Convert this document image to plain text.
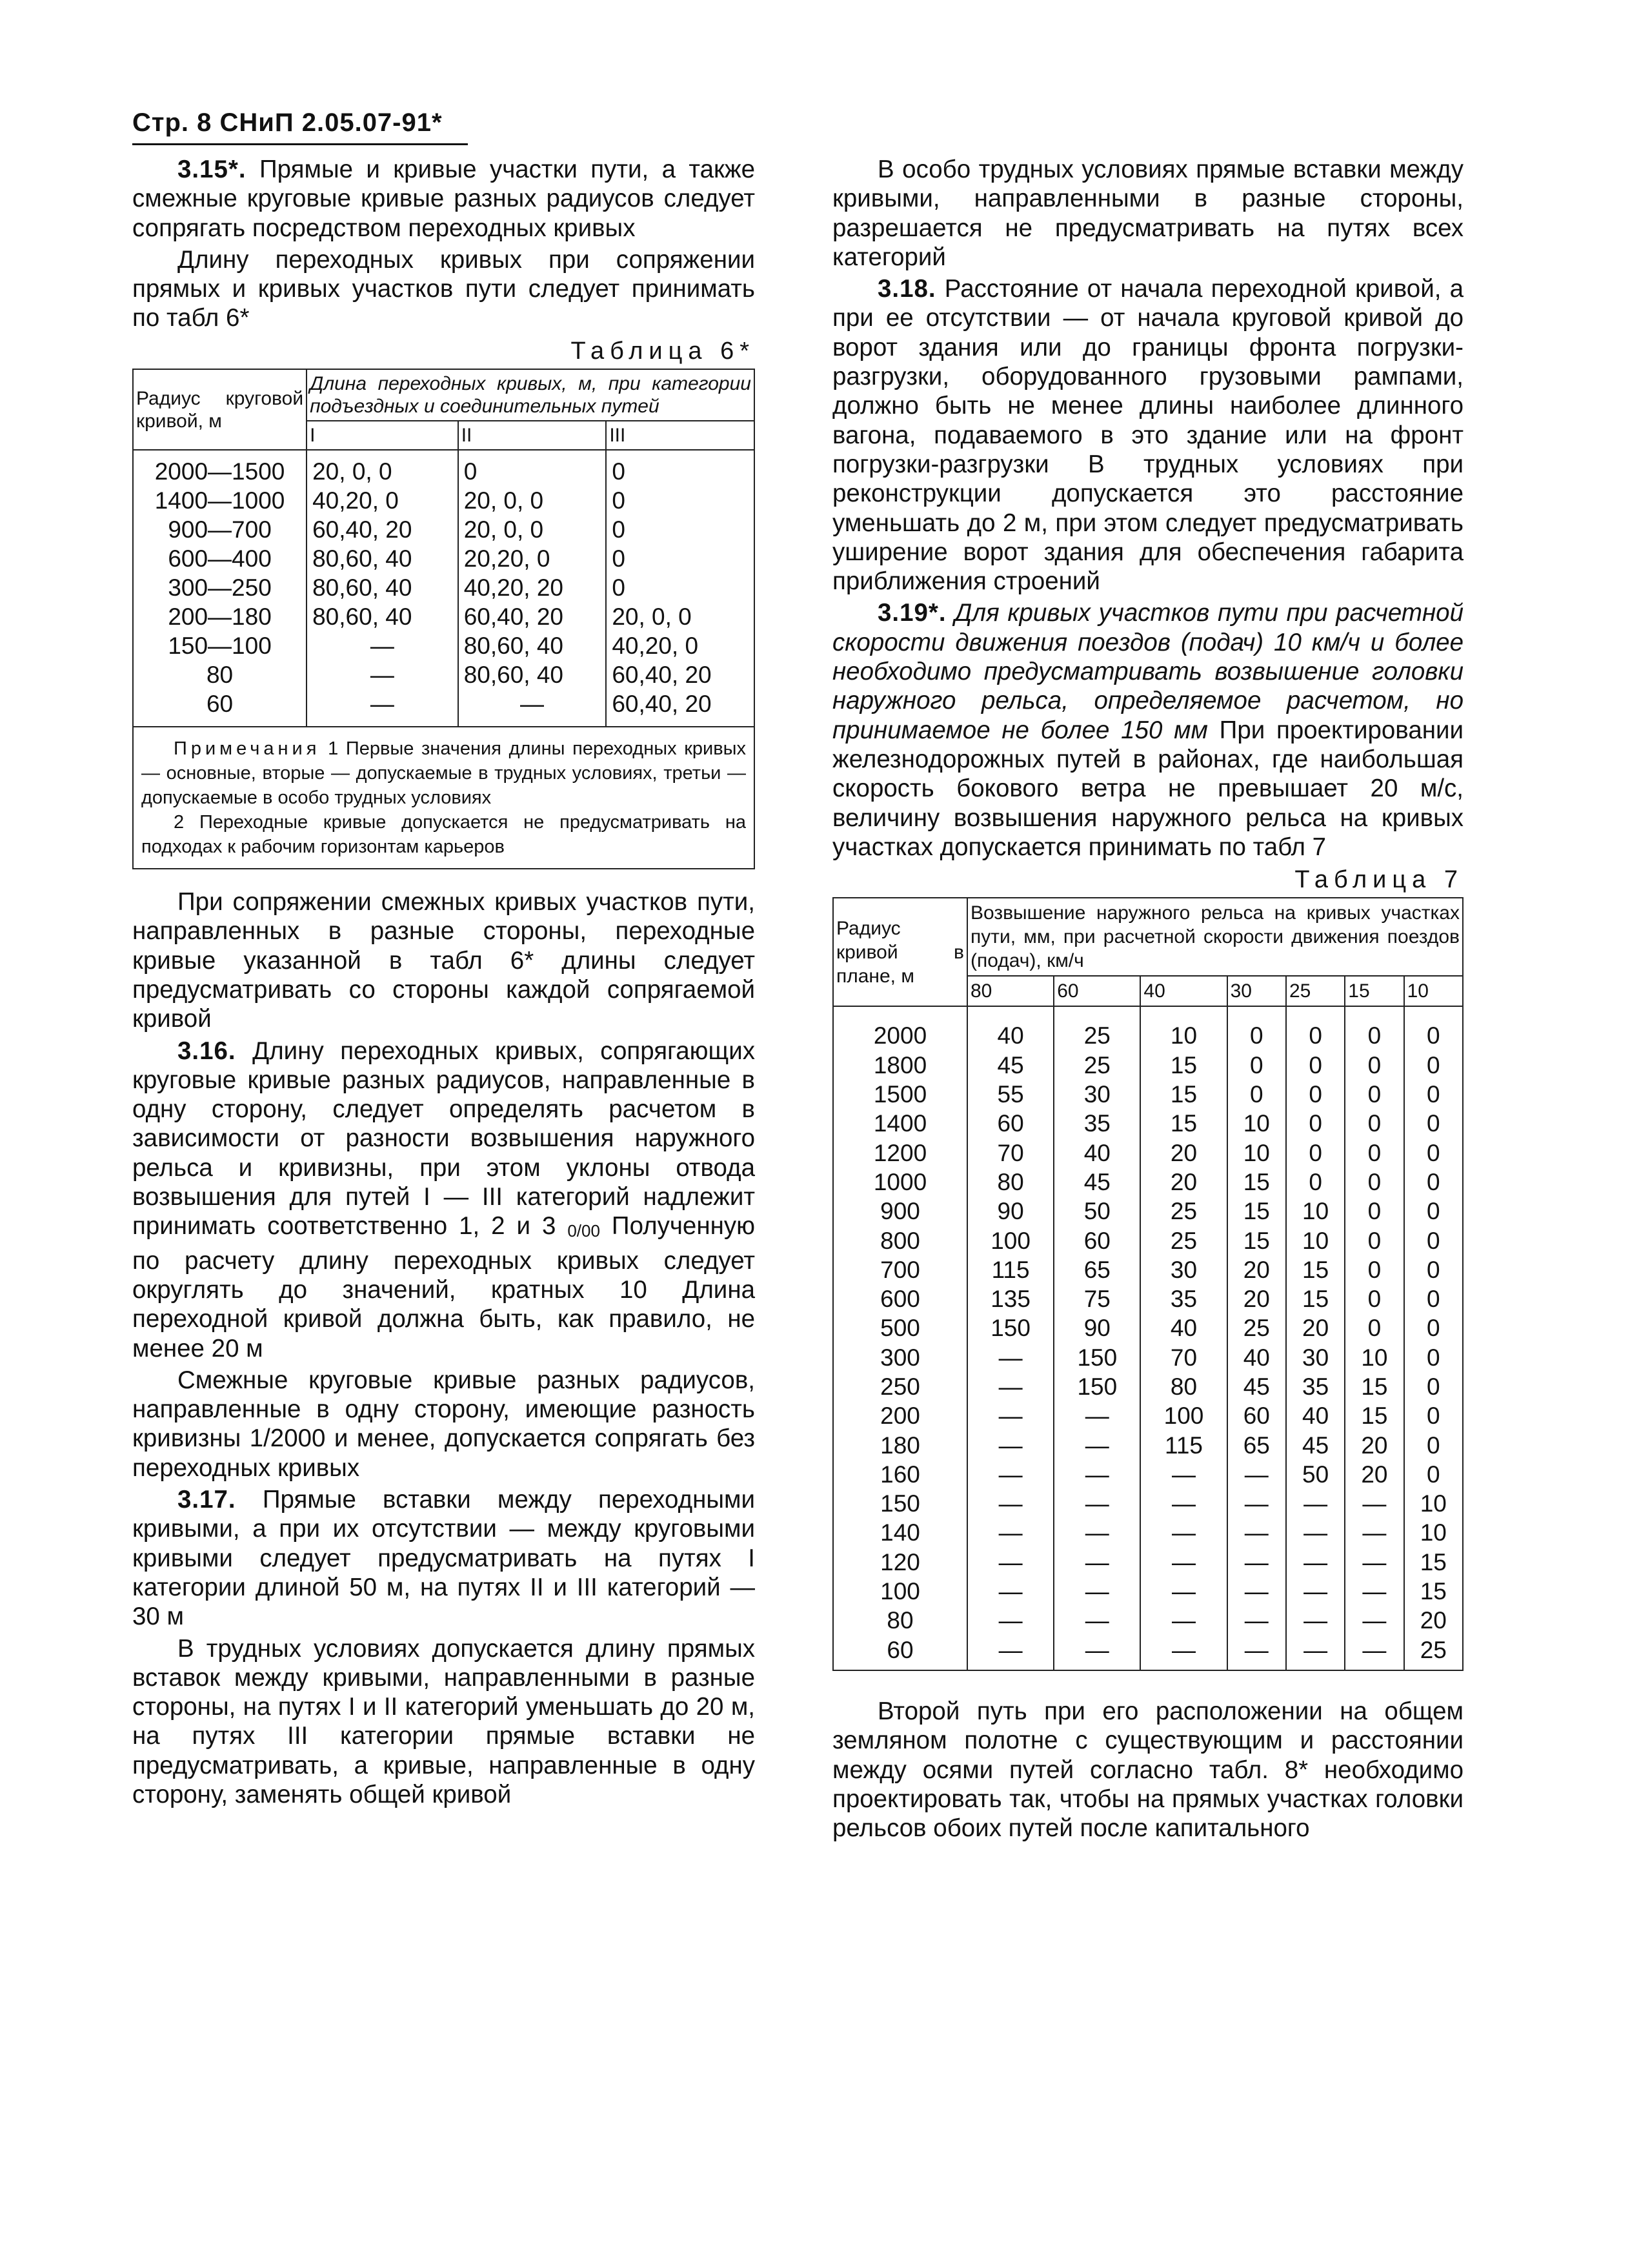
Стр. 8 СНиП 2.05.07-91*

3.15*. Прямые и кривые участки пути, а также смежные круговые кривые разных радиусов следует сопрягать посредством переходных кривых

Длину переходных кривых при сопряжении прямых и кривых участков пути следует принимать по табл 6*

Таблица 6*
Радиус круговой кривой, м	Длина переходных кривых, м, при категории подъездных и соединительных путей		
	I	II	III
2000—1500	20, 0, 0	0	0
1400—1000	40,20, 0	20, 0, 0	0
900—700	60,40, 20	20, 0, 0	0
600—400	80,60, 40	20,20, 0	0
300—250	80,60, 40	40,20, 20	0
200—180	80,60, 40	60,40, 20	20, 0, 0
150—100	—	80,60, 40	40,20, 0
80	—	80,60, 40	60,40, 20
60	—	—	60,40, 20

Примечания 1 Первые значения длины переходных кривых — основные, вторые — допускаемые в трудных условиях, третьи — допускаемые в особо трудных условиях
2 Переходные кривые допускается не предусматривать на подходах к рабочим горизонтам карьеров			

При сопряжении смежных кривых участков пути, направленных в разные стороны, переходные кривые указанной в табл 6* длины следует предусматривать со стороны каждой сопрягаемой кривой

3.16. Длину переходных кривых, сопрягающих круговые кривые разных радиусов, направленные в одну сторону, следует определять расчетом в зависимости от разности возвышения наружного рельса и кривизны, при этом уклоны отвода возвышения для путей I — III категорий надлежит принимать соответственно 1, 2 и 3 0/00 Полученную по расчету длину переходных кривых следует округлять до значений, кратных 10 Длина переходной кривой должна быть, как правило, не менее 20 м

Смежные круговые кривые разных радиусов, направленные в одну сторону, имеющие разность кривизны 1/2000 и менее, допускается сопрягать без переходных кривых

3.17. Прямые вставки между переходными кривыми, а при их отсутствии — между круговыми кривыми следует предусматривать на путях I категории длиной 50 м, на путях II и III категорий — 30 м

В трудных условиях допускается длину прямых вставок между кривыми, направленными в разные стороны, на путях I и II категорий уменьшать до 20 м, на путях III категории прямые вставки не предусматривать, а кривые, направленные в одну сторону, заменять общей кривой

В особо трудных условиях прямые вставки между кривыми, направленными в разные стороны, разрешается не предусматривать на путях всех категорий

3.18. Расстояние от начала переходной кривой, а при ее отсутствии — от начала круговой кривой до ворот здания или до границы фронта погрузки-разгрузки, оборудованного грузовыми рампами, должно быть не менее длины наиболее длинного вагона, подаваемого в это здание или на фронт погрузки-разгрузки В трудных условиях при реконструкции допускается это расстояние уменьшать до 2 м, при этом следует предусматривать уширение ворот здания для обеспечения габарита приближения строений

3.19*. Для кривых участков пути при расчетной скорости движения поездов (подач) 10 км/ч и более необходимо предусматривать возвышение головки наружного рельса, определяемое расчетом, но принимаемое не более 150 мм При проектировании железнодорожных путей в районах, где наибольшая скорость бокового ветра не превышает 20 м/с, величину возвышения наружного рельса на кривых участках допускается принимать по табл 7

Таблица 7
Радиус кривой в плане, м	Возвышение наружного рельса на кривых участках пути, мм, при расчетной скорости движения поездов (подач), км/ч						
	80	60	40	30	25	15	10
2000	40	25	10	0	0	0	0
1800	45	25	15	0	0	0	0
1500	55	30	15	0	0	0	0
1400	60	35	15	10	0	0	0
1200	70	40	20	10	0	0	0
1000	80	45	20	15	0	0	0
900	90	50	25	15	10	0	0
800	100	60	25	15	10	0	0
700	115	65	30	20	15	0	0
600	135	75	35	20	15	0	0
500	150	90	40	25	20	0	0
300	—	150	70	40	30	10	0
250	—	150	80	45	35	15	0
200	—	—	100	60	40	15	0
180	—	—	115	65	45	20	0
160	—	—	—	—	50	20	0
150	—	—	—	—	—	—	10
140	—	—	—	—	—	—	10
120	—	—	—	—	—	—	15
100	—	—	—	—	—	—	15
80	—	—	—	—	—	—	20
60	—	—	—	—	—	—	25

Второй путь при его расположении на общем земляном полотне с существующим и расстоянии между осями путей согласно табл. 8* необходимо проектировать так, чтобы на прямых участках головки рельсов обоих путей после капитального
